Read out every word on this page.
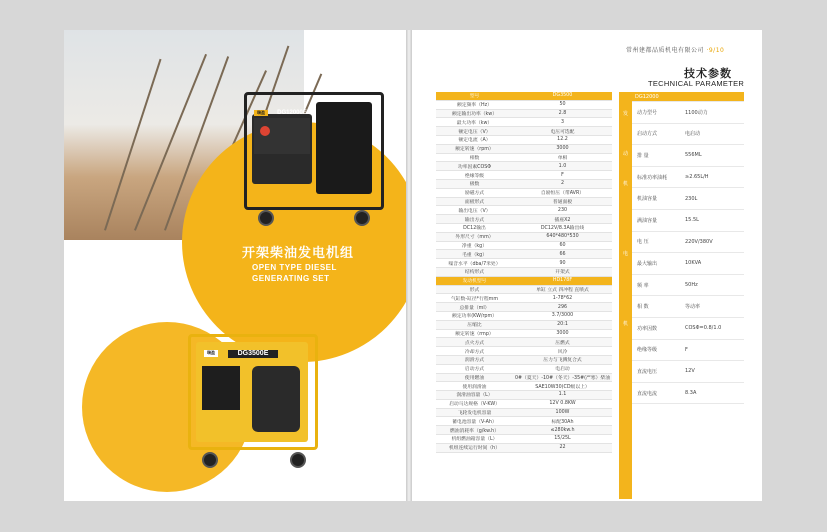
瑞盈	DG12000E
开架柴油发电机组
OPEN TYPE DIESEL
GENERATING SET
瑞盈	DG3500E
常州建都品质机电有限公司 ·9/10
技术参数
TECHNICAL PARAMETER
型号	DG3500
额定频率（Hz）	50
额定输出功率（kw）	2.8
最大功率（kw）	3
额定电压（V）	电压可选配
额定电流（A）	12.2
额定转速（rpm）	3000
相数	单相
功率因素COSΦ	1.0
绝缘等级	F
极数	2
励磁方式	自励恒压（带AVR）
面板形式	普通面板
输出电压（V）	230
输出方式	插座X2
DC12输出	DC12V/8.3A输出线
外形尺寸（mm）	640*480*530
净重（kg）	60
毛重（kg）	66
噪音水平（dba/7米处）	90
结构形式	开架式
发动机型号	HD178F
形式	单缸 立式 四冲程 直喷式
气缸数-缸径*行程mm	1-78*62
总排量（ml）	296
额定功率(KW/rpm）	3.7/3000
压缩比	20:1
额定转速（rmp）	3000
点火方式	压燃式
冷却方式	风冷
润滑方式	压力与飞溅复合式
启动方式	电启动
使用燃油	0#（夏天）-10#（冬天）-35#(严寒）柴油
使用润滑油	SAE10W30(CD级以上）
润滑油容量（L）	1.1
启动马达规格（V-KW）	12V 0.8KW
飞轮发电机容量	100W
蓄电池容量（V-Ah）	标配30Ah
燃油消耗率（g/kw.h）	≤280kw.h
机组燃油箱容量（L）	15/25L
机组连续运行时间（h）	22
DG12000	
动力型号	1100动力
启动方式	电启动
排 量	556ML
标准功率油耗	≥2.65L/H
机油容量	230L
满油容量	15.5L
电 压	220V/380V
最大输出	10KVA
频 率	50Hz
相 数	等动率
功率因数	COSΦ=0.8/1.0
绝缘等级	F
直流电压	12V
直流电流	8.3A
发
动
机
电
机
